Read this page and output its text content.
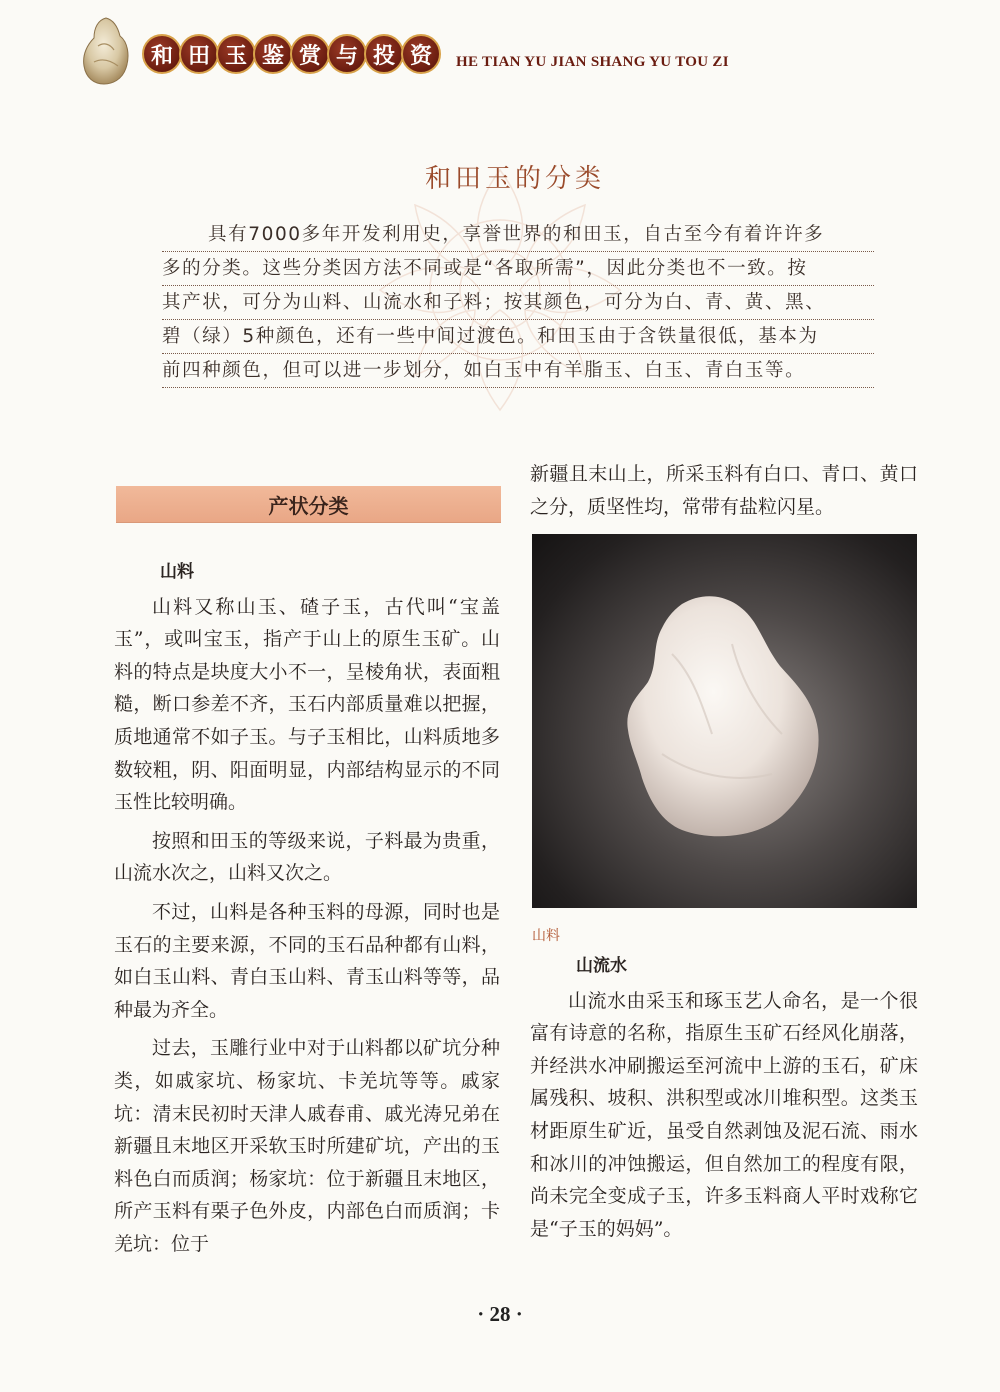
和 田 玉 鉴 赏 与 投 资	HE TIAN YU JIAN SHANG YU TOU ZI
和田玉的分类
具有7000多年开发利用史，享誉世界的和田玉，自古至今有着许许多
多的分类。这些分类因方法不同或是“各取所需”，因此分类也不一致。按
其产状，可分为山料、山流水和子料；按其颜色，可分为白、青、黄、黑、
碧（绿）5种颜色，还有一些中间过渡色。和田玉由于含铁量很低，基本为
前四种颜色，但可以进一步划分，如白玉中有羊脂玉、白玉、青白玉等。
产状分类

山料

山料又称山玉、碴子玉，古代叫“宝盖玉”，或叫宝玉，指产于山上的原生玉矿。山料的特点是块度大小不一，呈棱角状，表面粗糙，断口参差不齐，玉石内部质量难以把握，质地通常不如子玉。与子玉相比，山料质地多数较粗，阴、阳面明显，内部结构显示的不同玉性比较明确。

按照和田玉的等级来说，子料最为贵重，山流水次之，山料又次之。

不过，山料是各种玉料的母源，同时也是玉石的主要来源，不同的玉石品种都有山料，如白玉山料、青白玉山料、青玉山料等等，品种最为齐全。

过去，玉雕行业中对于山料都以矿坑分种类，如戚家坑、杨家坑、卡羌坑等等。戚家坑：清末民初时天津人戚春甫、戚光涛兄弟在新疆且末地区开采软玉时所建矿坑，产出的玉料色白而质润；杨家坑：位于新疆且末地区，所产玉料有栗子色外皮，内部色白而质润；卡羌坑：位于

新疆且末山上，所采玉料有白口、青口、黄口之分，质坚性均，常带有盐粒闪星。

山料

山流水

山流水由采玉和琢玉艺人命名，是一个很富有诗意的名称，指原生玉矿石经风化崩落，并经洪水冲刷搬运至河流中上游的玉石，矿床属残积、坡积、洪积型或冰川堆积型。这类玉材距原生矿近，虽受自然剥蚀及泥石流、雨水和冰川的冲蚀搬运，但自然加工的程度有限，尚未完全变成子玉，许多玉料商人平时戏称它是“子玉的妈妈”。

· 28 ·
